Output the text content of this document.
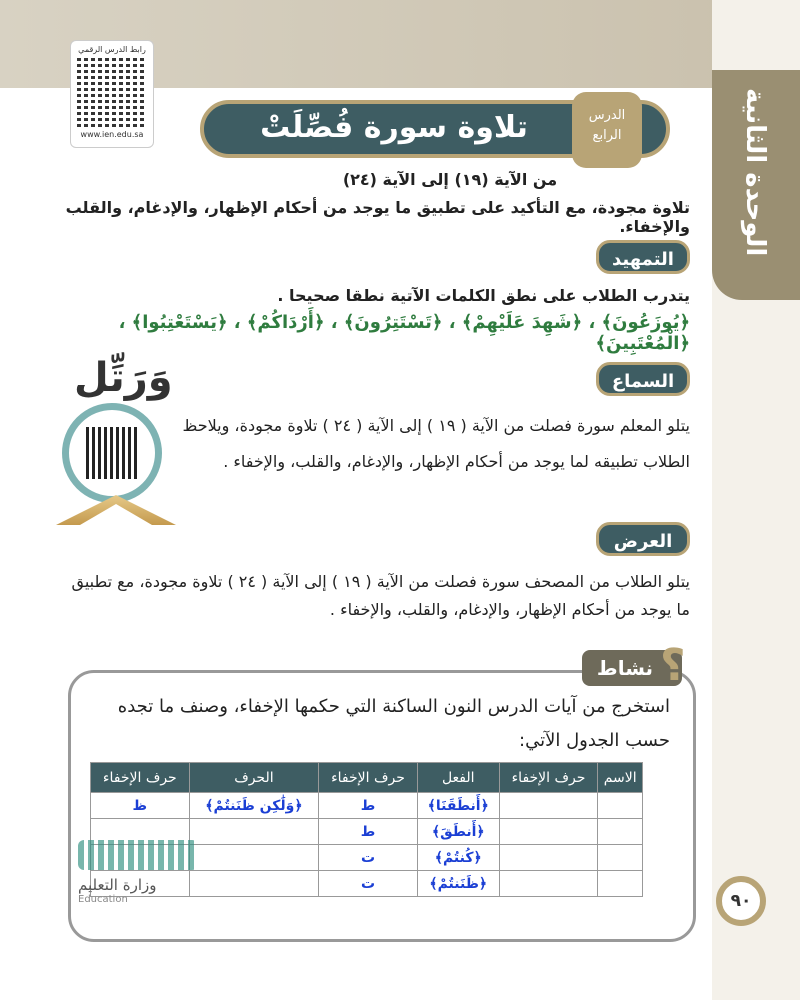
الوحدة الثانية
رابط الدرس الرقمي
www.ien.edu.sa	تلاوة سورة فُصِّلَتْ	الدرس
الرابع
من الآية (١٩) إلى الآية (٢٤)
تلاوة مجودة، مع التأكيد على تطبيق ما يوجد من أحكام الإظهار، والإدغام، والقلب والإخفاء.
التمهيد
يتدرب الطلاب على نطق الكلمات الآتية نطقا صحيحا .
﴿يُوزَعُونَ﴾ ، ﴿شَهِدَ عَلَيْهِمْ﴾ ، ﴿تَسْتَتِرُونَ﴾ ، ﴿أَرْدَاكُمْ﴾ ، ﴿يَسْتَعْتِبُوا﴾ ، ﴿الْمُعْتَبِينَ﴾
السماع
يتلو المعلم سورة فصلت من الآية ( ١٩ ) إلى الآية ( ٢٤ ) تلاوة مجودة، ويلاحظ الطلاب تطبيقه لما يوجد من أحكام الإظهار، والإدغام، والقلب، والإخفاء .
وَرَتِّل
العرض
يتلو الطلاب من المصحف سورة فصلت من الآية ( ١٩ ) إلى الآية ( ٢٤ ) تلاوة مجودة، مع تطبيق ما يوجد من أحكام الإظهار، والإدغام، والقلب، والإخفاء .
نشاط ؟
استخرج من آيات الدرس النون الساكنة التي حكمها الإخفاء، وصنف ما تجده حسب الجدول الآتي:
الاسم	حرف الإخفاء	الفعل	حرف الإخفاء	الحرف	حرف الإخفاء
		﴿أَنطَقَنَا﴾	ط	﴿وَلَٰكِن ظَنَنتُمْ﴾	ظ
		﴿أَنطَقَ﴾	ط		
		﴿كُنتُمْ﴾	ت		
		﴿ظَنَنتُمْ﴾	ت		
وزارة التعليم
Education	٩٠
